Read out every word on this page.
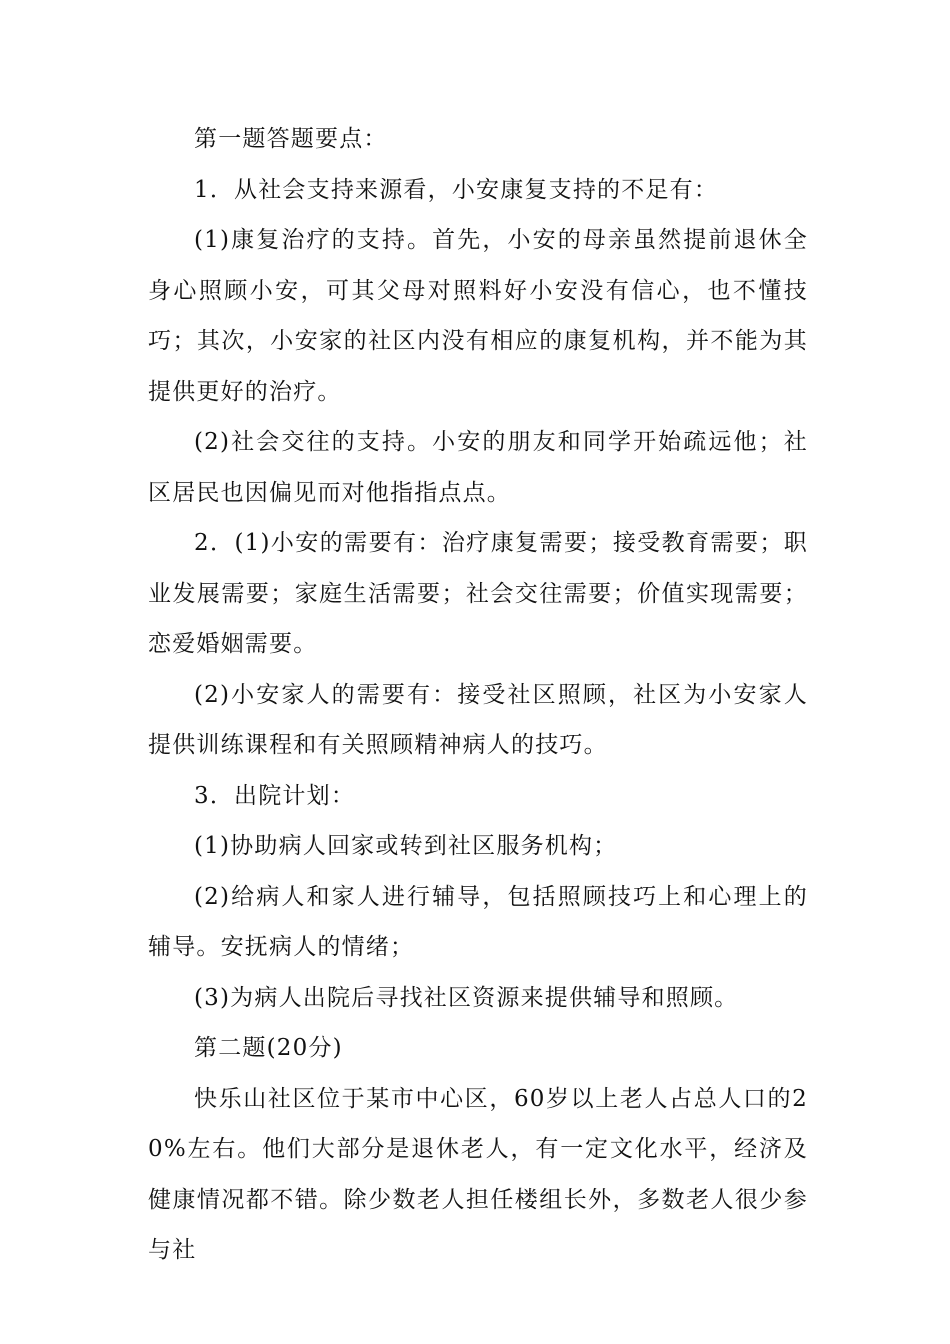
第一题答题要点：

1．从社会支持来源看，小安康复支持的不足有：

(1)康复治疗的支持。首先，小安的母亲虽然提前退休全身心照顾小安，可其父母对照料好小安没有信心，也不懂技巧；其次，小安家的社区内没有相应的康复机构，并不能为其提供更好的治疗。

(2)社会交往的支持。小安的朋友和同学开始疏远他；社区居民也因偏见而对他指指点点。

2．(1)小安的需要有：治疗康复需要；接受教育需要；职业发展需要；家庭生活需要；社会交往需要；价值实现需要；恋爱婚姻需要。

(2)小安家人的需要有：接受社区照顾，社区为小安家人提供训练课程和有关照顾精神病人的技巧。

3．出院计划：

(1)协助病人回家或转到社区服务机构；

(2)给病人和家人进行辅导，包括照顾技巧上和心理上的辅导。安抚病人的情绪；

(3)为病人出院后寻找社区资源来提供辅导和照顾。

第二题(20分)

快乐山社区位于某市中心区，60岁以上老人占总人口的20%左右。他们大部分是退休老人，有一定文化水平，经济及健康情况都不错。除少数老人担任楼组长外，多数老人很少参与社
